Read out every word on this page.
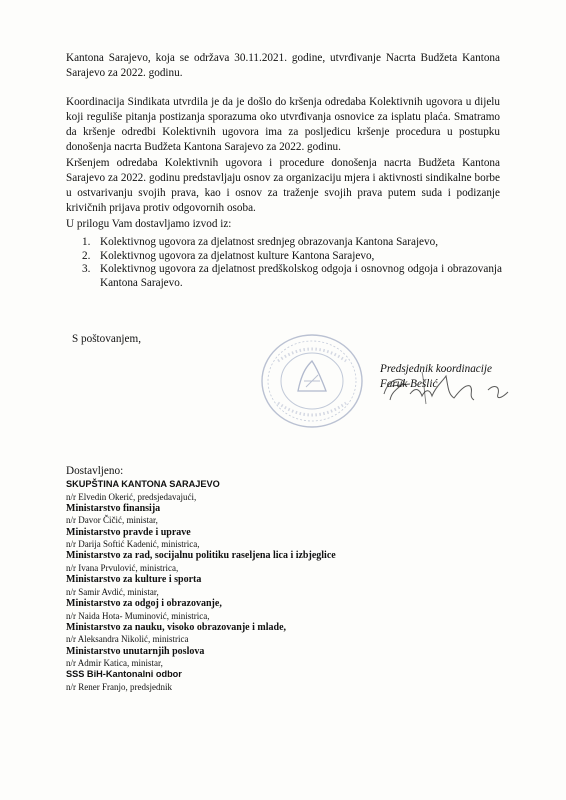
Kantona Sarajevo, koja se održava 30.11.2021. godine, utvrđivanje Nacrta Budžeta Kantona Sarajevo za 2022. godinu.

Koordinacija Sindikata utvrdila je da je došlo do kršenja odredaba Kolektivnih ugovora u dijelu koji reguliše pitanja postizanja sporazuma oko utvrđivanja osnovice za isplatu plaća. Smatramo da kršenje odredbi Kolektivnih ugovora ima za posljedicu kršenje procedura u postupku donošenja nacrta Budžeta Kantona Sarajevo za 2022. godinu.

Kršenjem odredaba Kolektivnih ugovora i procedure donošenja nacrta Budžeta Kantona Sarajevo za 2022. godinu predstavljaju osnov za organizaciju mjera i aktivnosti sindikalne borbe u ostvarivanju svojih prava, kao i osnov za traženje svojih prava putem suda i podizanje krivičnih prijava protiv odgovornih osoba.

U prilogu Vam dostavljamo izvod iz:

1. Kolektivnog ugovora za djelatnost srednjeg obrazovanja Kantona Sarajevo,
2. Kolektivnog ugovora za djelatnost kulture Kantona Sarajevo,
3. Kolektivnog ugovora za djelatnost predškolskog odgoja i osnovnog odgoja i obrazovanja Kantona Sarajevo.
S poštovanjem,
Predsjednik koordinacije
Faruk Bešlić
Dostavljeno:
SKUPŠTINA KANTONA SARAJEVO
n/r Elvedin Okerić, predsjedavajući,
Ministarstvo finansija
n/r Davor Čičić, ministar,
Ministarstvo pravde i uprave
n/r Darija Softić Kadenić, ministrica,
Ministarstvo za rad, socijalnu politiku raseljena lica i izbjeglice
n/r Ivana Prvulović, ministrica,
Ministarstvo za kulture i sporta
n/r Samir Avdić, ministar,
Ministarstvo za odgoj i obrazovanje,
n/r Naida Hota- Muminović, ministrica,
Ministarstvo za nauku, visoko obrazovanje i mlade,
n/r Aleksandra Nikolić, ministrica
Ministarstvo unutarnjih poslova
n/r Admir Katica, ministar,
SSS BiH-Kantonalni odbor
n/r Rener Franjo, predsjednik
